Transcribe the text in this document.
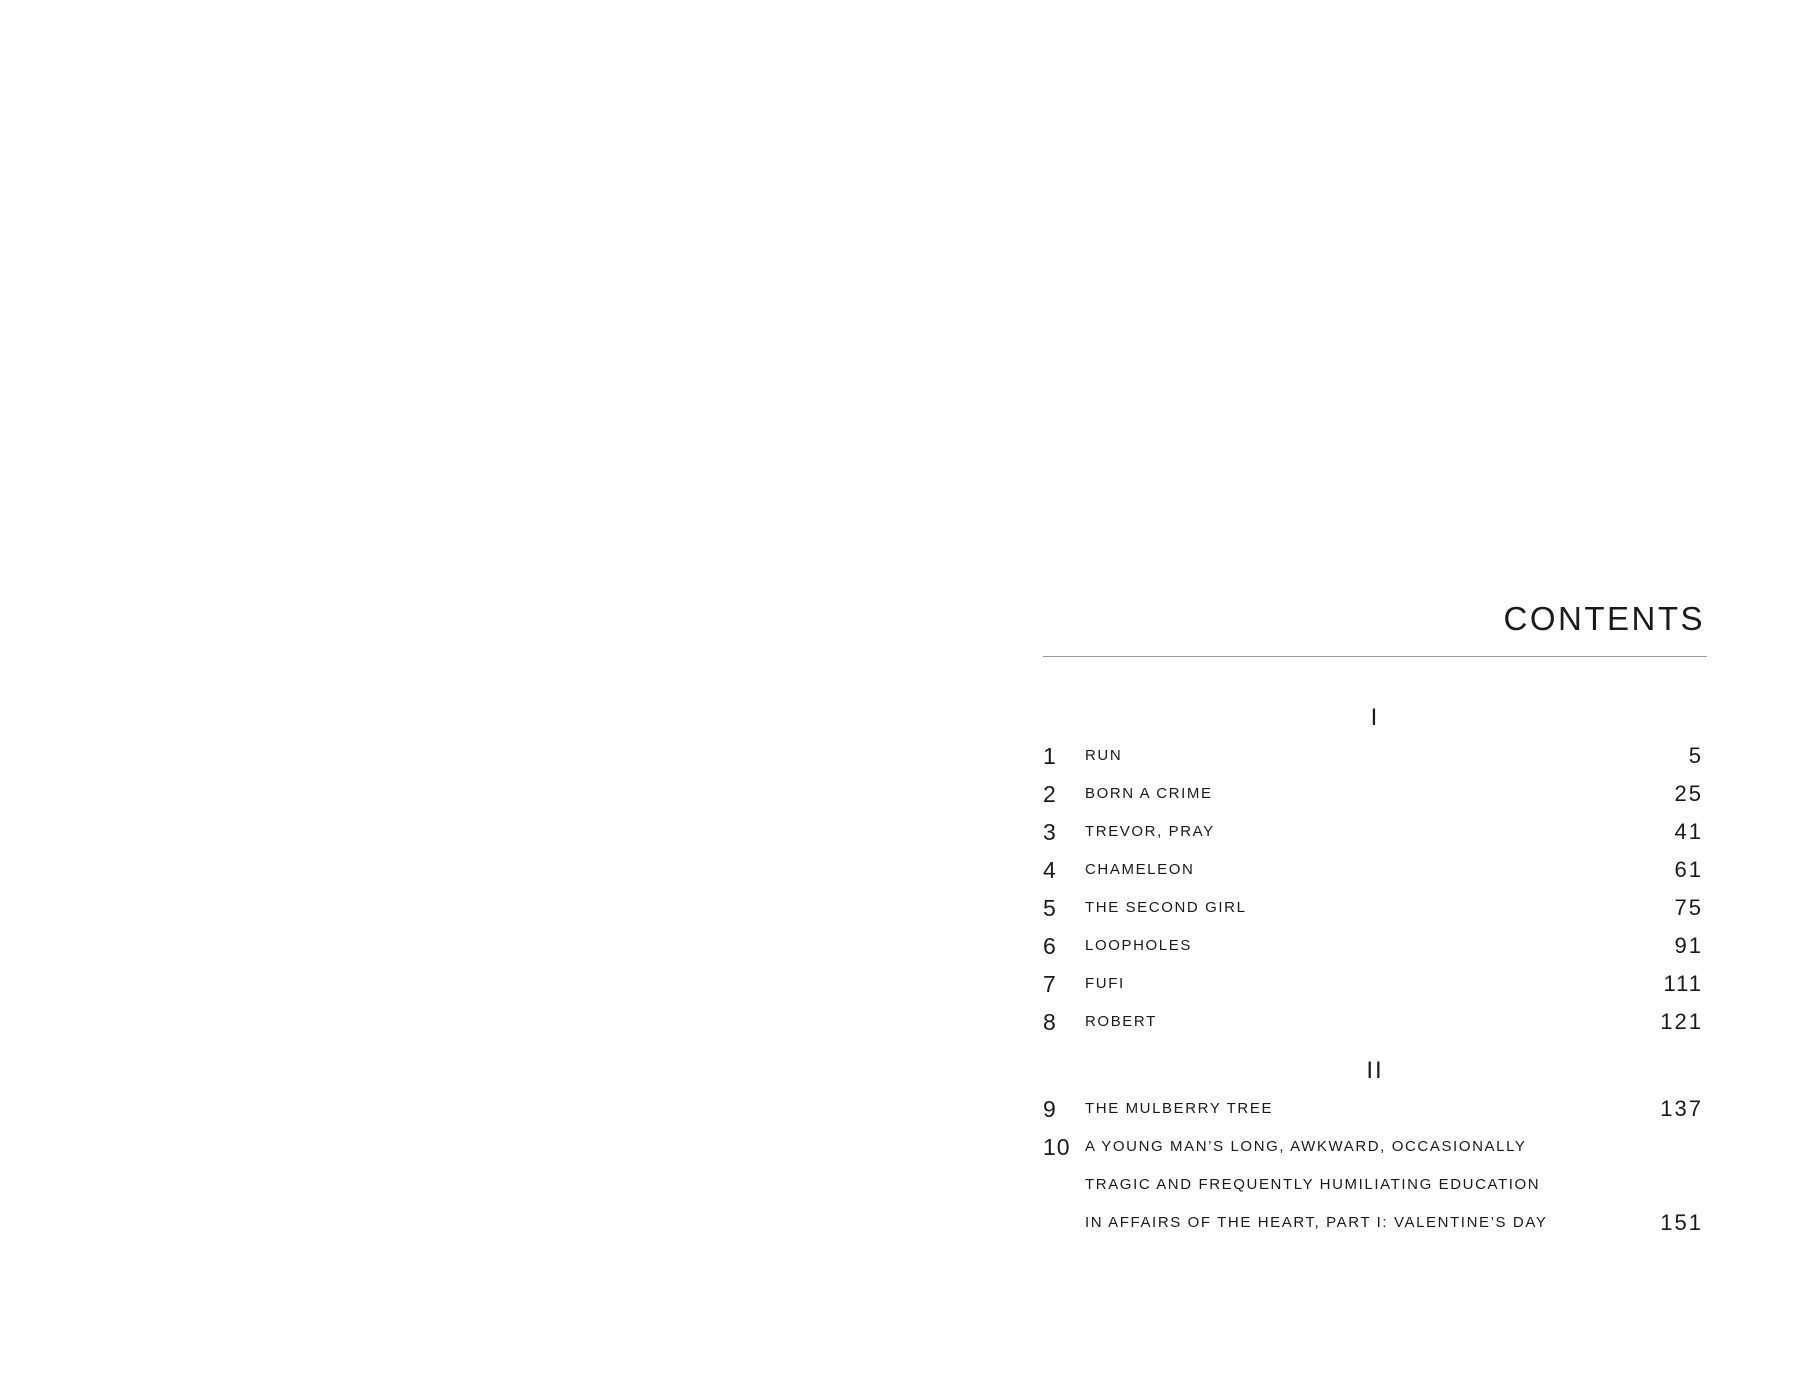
CONTENTS
I
1	RUN	5
2	BORN A CRIME	25
3	TREVOR, PRAY	41
4	CHAMELEON	61
5	THE SECOND GIRL	75
6	LOOPHOLES	91
7	FUFI	111
8	ROBERT	121
II
9	THE MULBERRY TREE	137
10 A YOUNG MAN’S LONG, AWKWARD, OCCASIONALLY
TRAGIC AND FREQUENTLY HUMILIATING EDUCATION
IN AFFAIRS OF THE HEART, PART I: VALENTINE’S DAY	151
